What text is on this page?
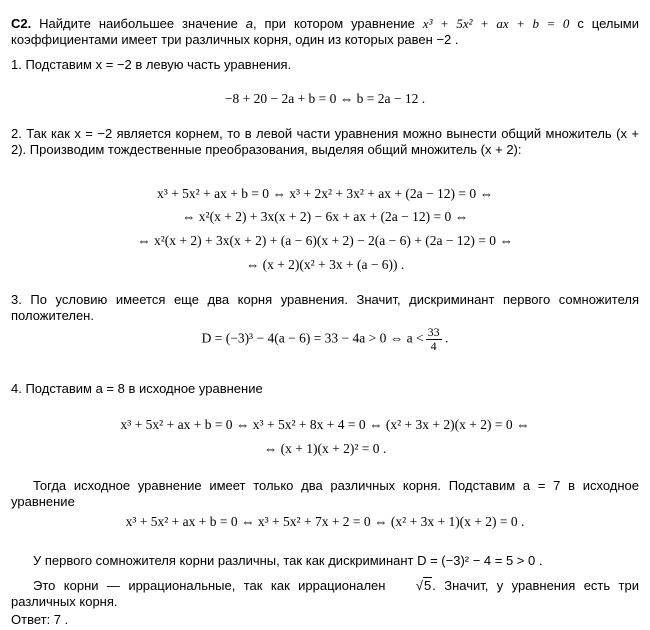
С2. Найдите наибольшее значение a, при котором уравнение x³ + 5x² + ax + b = 0 с целыми коэффициентами имеет три различных корня, один из которых равен −2 .
1. Подставим x = −2 в левую часть уравнения.
−8 + 20 − 2a + b = 0 ⇔ b = 2a − 12 .
2. Так как x = −2 является корнем, то в левой части уравнения можно вынести общий множитель (x + 2). Производим тождественные преобразования, выделяя общий множитель (x + 2):
x³ + 5x² + ax + b = 0 ⇔ x³ + 2x² + 3x² + ax + (2a − 12) = 0 ⇔
⇔ x²(x + 2) + 3x(x + 2) − 6x + ax + (2a − 12) = 0 ⇔
⇔ x²(x + 2) + 3x(x + 2) + (a − 6)(x + 2) − 2(a − 6) + (2a − 12) = 0 ⇔
⇔ (x + 2)(x² + 3x + (a − 6)) .
3. По условию имеется еще два корня уравнения. Значит, дискриминант первого сомножителя положителен.
D = (−3)³ − 4(a − 6) = 33 − 4a > 0 ⇔ $a < \frac{33}{4}$ .
4. Подставим a = 8 в исходное уравнение
x³ + 5x² + ax + b = 0 ⇔ x³ + 5x² + 8x + 4 = 0 ⇔ (x² + 3x + 2)(x + 2) = 0 ⇔
⇔ (x + 1)(x + 2)² = 0 .
Тогда исходное уравнение имеет только два различных корня. Подставим a = 7 в исходное уравнение
x³ + 5x² + ax + b = 0 ⇔ x³ + 5x² + 7x + 2 = 0 ⇔ (x² + 3x + 1)(x + 2) = 0 .
У первого сомножителя корни различны, так как дискриминант D = (−3)² − 4 = 5 > 0 .
Это корни — иррациональные, так как иррационален √5. Значит, у уравнения есть три различных корня.
Ответ: 7 .
